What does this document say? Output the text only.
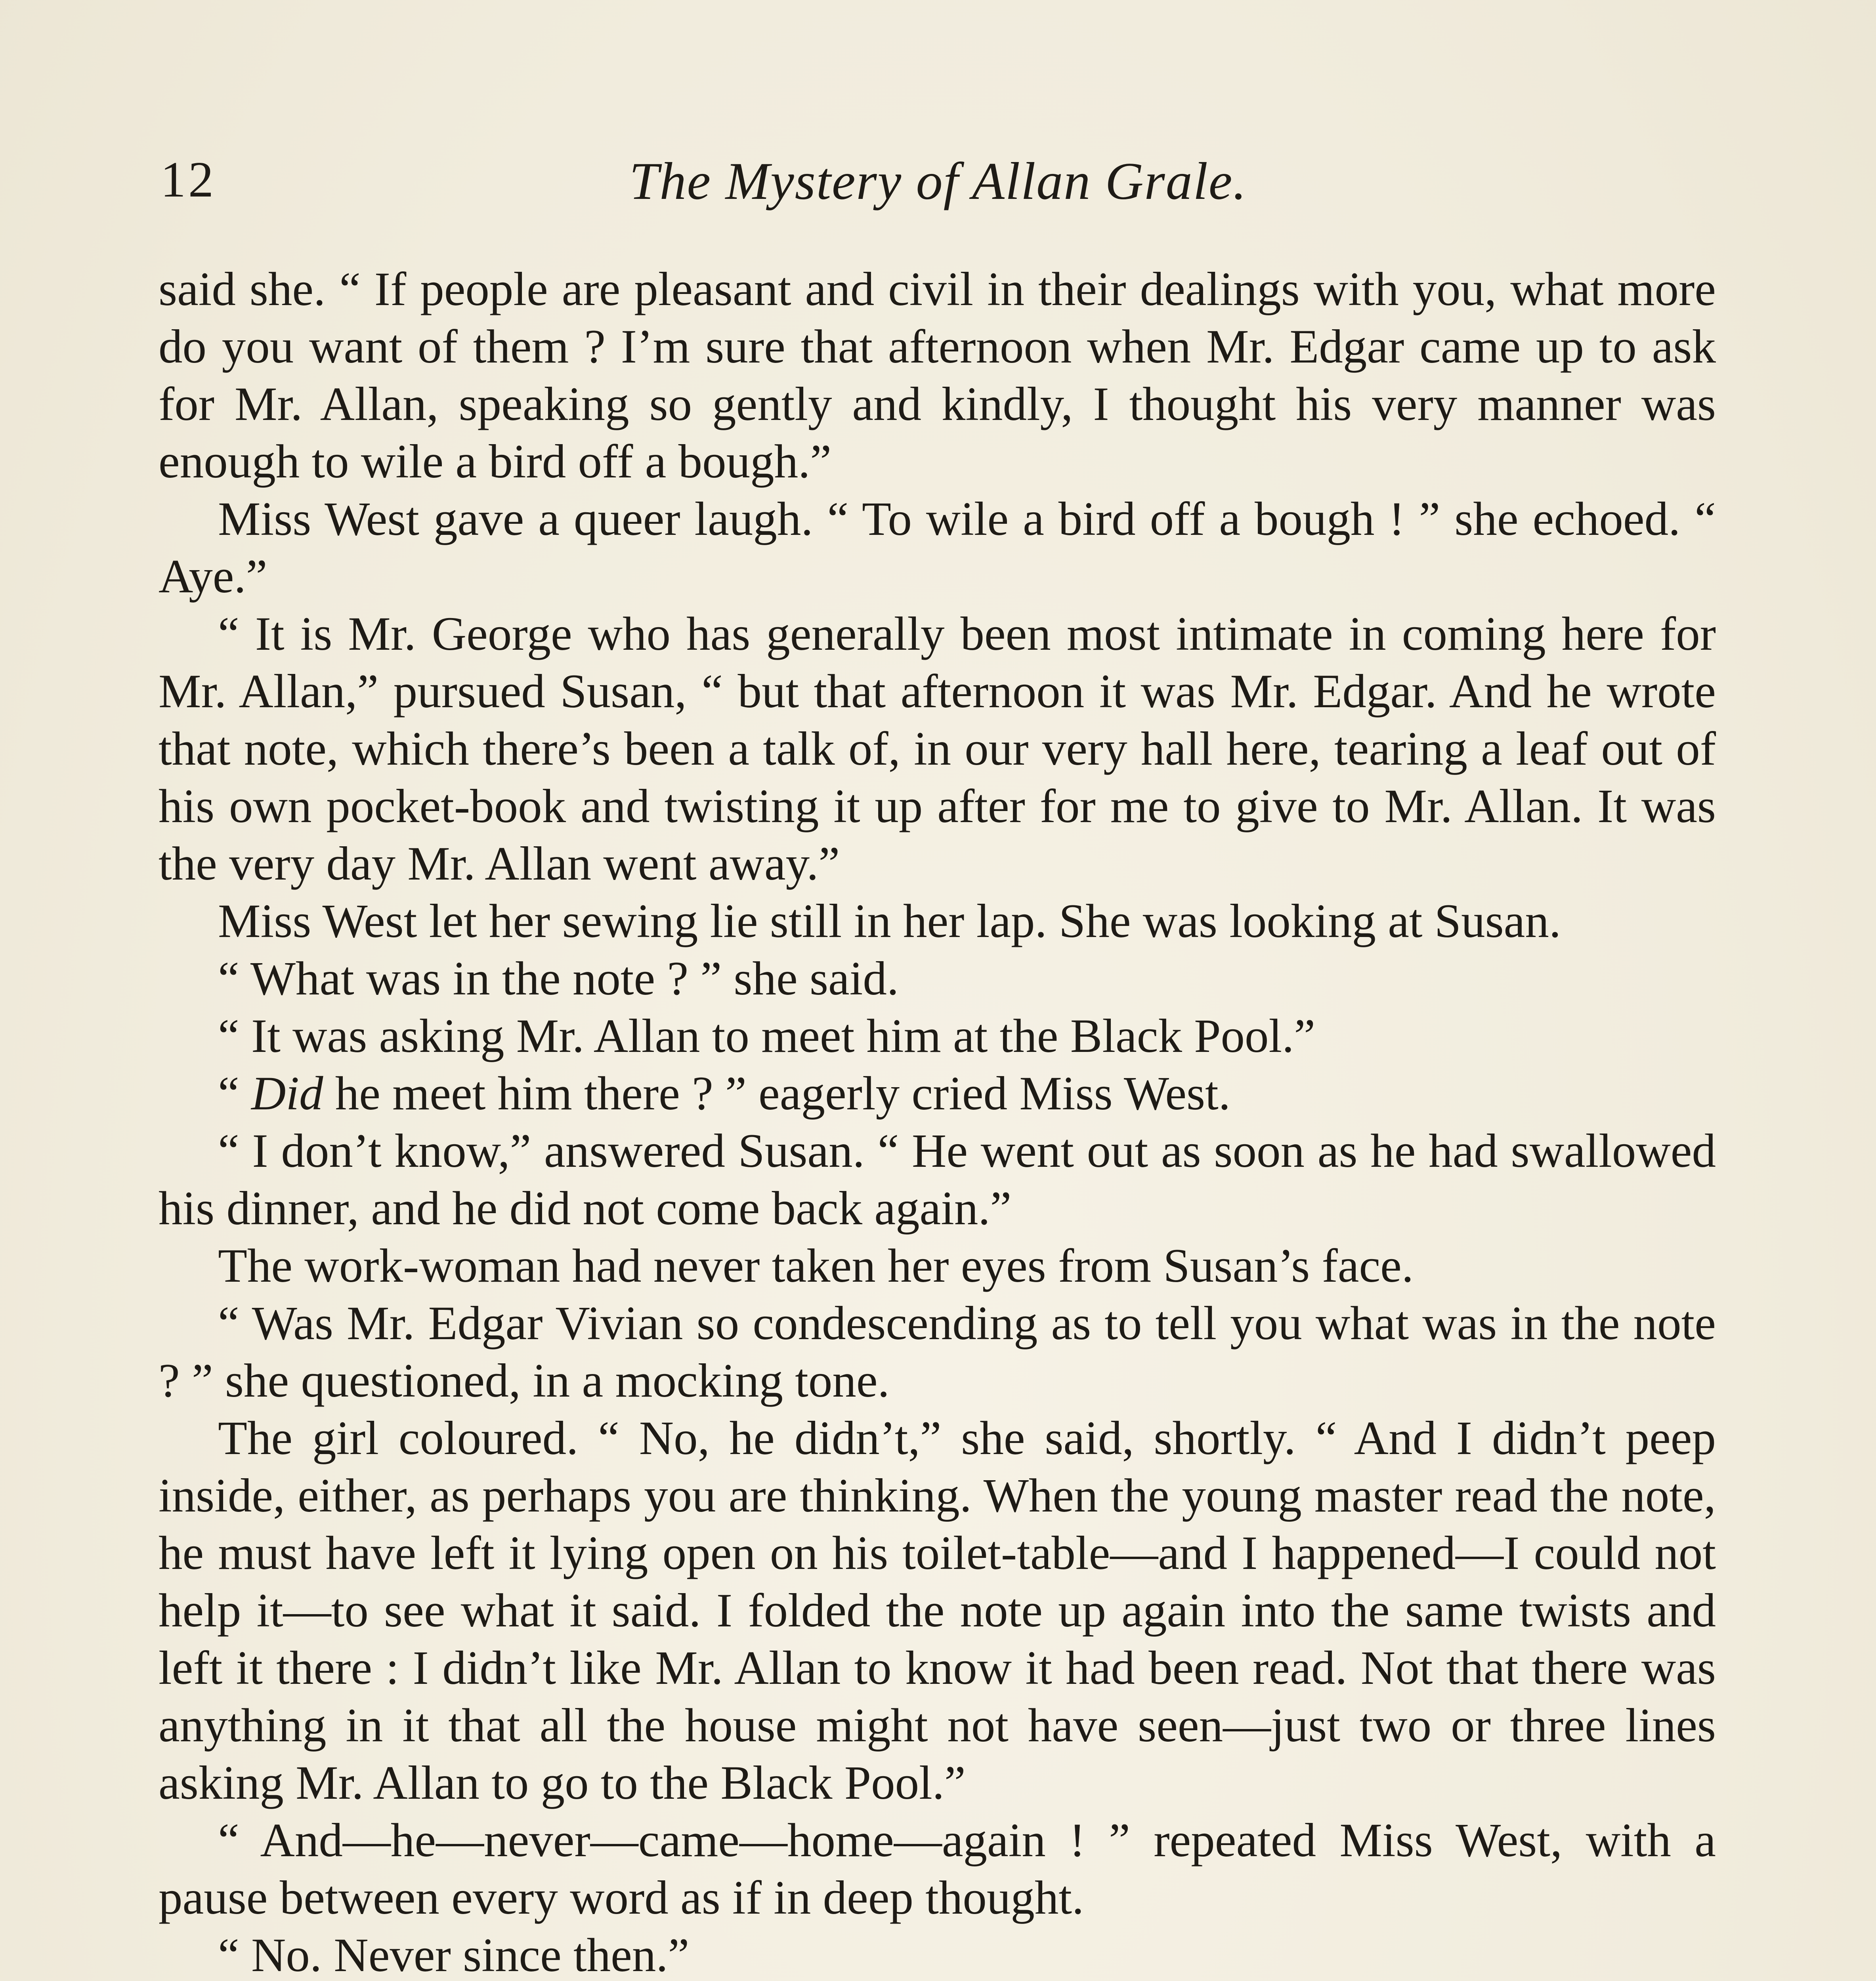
12	The Mystery of Allan Grale.

said she. “ If people are pleasant and civil in their dealings with you, what more do you want of them ? I’m sure that afternoon when Mr. Edgar came up to ask for Mr. Allan, speaking so gently and kindly, I thought his very manner was enough to wile a bird off a bough.”

Miss West gave a queer laugh. “ To wile a bird off a bough ! ” she echoed. “ Aye.”

“ It is Mr. George who has generally been most intimate in coming here for Mr. Allan,” pursued Susan, “ but that afternoon it was Mr. Edgar. And he wrote that note, which there’s been a talk of, in our very hall here, tearing a leaf out of his own pocket-book and twisting it up after for me to give to Mr. Allan. It was the very day Mr. Allan went away.”

Miss West let her sewing lie still in her lap. She was looking at Susan.

“ What was in the note ? ” she said.

“ It was asking Mr. Allan to meet him at the Black Pool.”

“ Did he meet him there ? ” eagerly cried Miss West.

“ I don’t know,” answered Susan. “ He went out as soon as he had swallowed his dinner, and he did not come back again.”

The work-woman had never taken her eyes from Susan’s face.

“ Was Mr. Edgar Vivian so condescending as to tell you what was in the note ? ” she questioned, in a mocking tone.

The girl coloured. “ No, he didn’t,” she said, shortly. “ And I didn’t peep inside, either, as perhaps you are thinking. When the young master read the note, he must have left it lying open on his toilet-table—and I happened—I could not help it—to see what it said. I folded the note up again into the same twists and left it there : I didn’t like Mr. Allan to know it had been read. Not that there was anything in it that all the house might not have seen—just two or three lines asking Mr. Allan to go to the Black Pool.”

“ And—he—never—came—home—again ! ” repeated Miss West, with a pause between every word as if in deep thought.

“ No. Never since then.”
